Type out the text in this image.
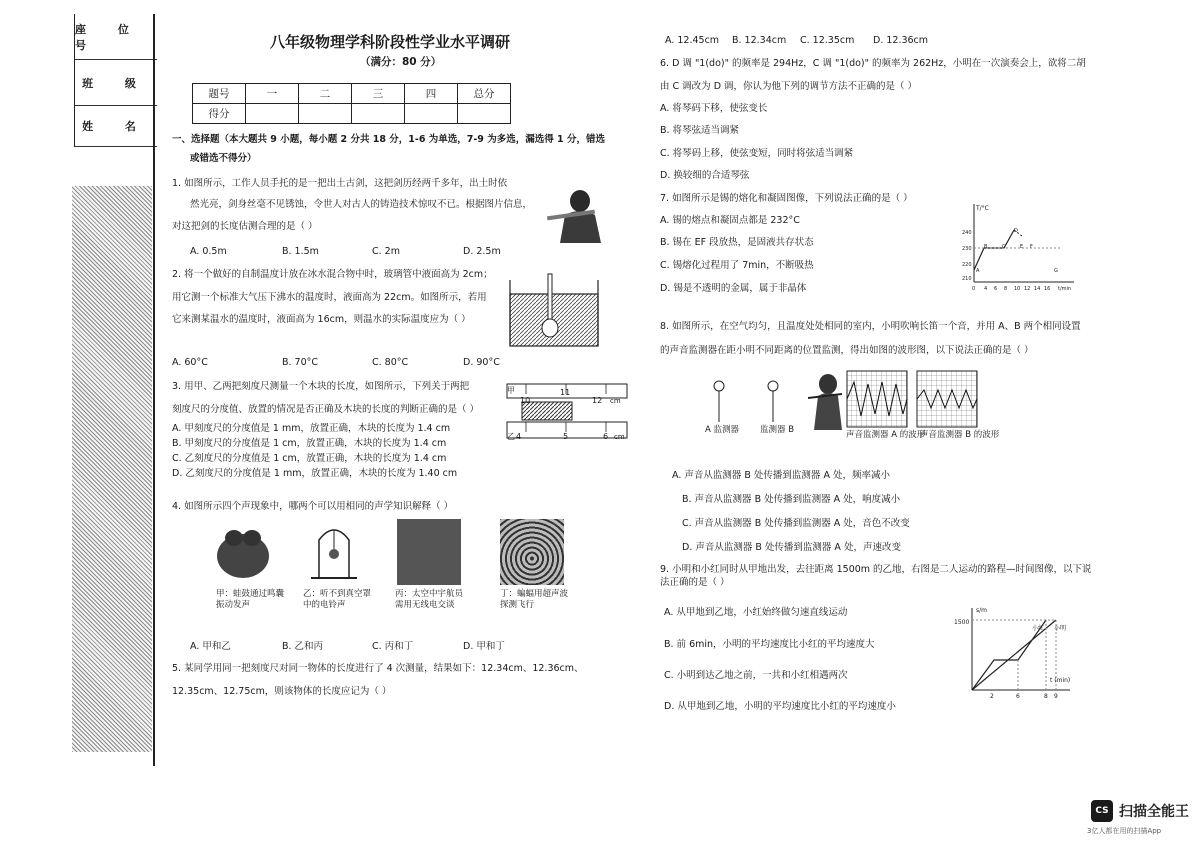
座 位 号
班 级
姓 名
八年级物理学科阶段性学业水平调研
（满分：80 分）
题号	一	二	三	四	总分
得分					
一、选择题（本大题共 9 小题，每小题 2 分共 18 分，1-6 为单选，7-9 为多选，漏选得 1 分，错选
或错选不得分）
1. 如图所示，工作人员手托的是一把出土古剑，这把剑历经两千多年，出土时依
然光亮，剑身丝毫不见锈蚀，令世人对古人的铸造技术惊叹不已。根据图片信息，
对这把剑的长度估测合理的是（ ）
A. 0.5m	B. 1.5m	C. 2m	D. 2.5m
2. 将一个做好的自制温度计放在冰水混合物中时，玻璃管中液面高为 2cm；
用它测一个标准大气压下沸水的温度时，液面高为 22cm。如图所示，若用
它来测某温水的温度时，液面高为 16cm，则温水的实际温度应为（ ）
A. 60°C	B. 70°C	C. 80°C	D. 90°C
3. 用甲、乙两把刻度尺测量一个木块的长度，如图所示，下列关于两把
刻度尺的分度值、放置的情况是否正确及木块的长度的判断正确的是（ ）
A. 甲刻度尺的分度值是 1 mm，放置正确，木块的长度为 1.4 cm
B. 甲刻度尺的分度值是 1 cm，放置正确，木块的长度为 1.4 cm
C. 乙刻度尺的分度值是 1 cm，放置正确，木块的长度为 1.4 cm
D. 乙刻度尺的分度值是 1 mm，放置正确，木块的长度为 1.40 cm
甲
10
11
12 cm
乙 4	5	6 cm
4. 如图所示四个声现象中，哪两个可以用相同的声学知识解释（ ）
甲：蛙鼓通过鸣囊振动发声
乙：听不到真空罩中的电铃声
丙：太空中宇航员需用无线电交谈
丁：蝙蝠用超声波探测飞行
A. 甲和乙	B. 乙和丙	C. 丙和丁	D. 甲和丁
5. 某同学用同一把刻度尺对同一物体的长度进行了 4 次测量，结果如下：12.34cm、12.36cm、
12.35cm、12.75cm，则该物体的长度应记为（ ）
A. 12.45cm B. 12.34cm C. 12.35cm D. 12.36cm
6. D 调 "1(do)" 的频率是 294Hz，C 调 "1(do)" 的频率为 262Hz，小明在一次演奏会上，欲将二胡
由 C 调改为 D 调，你认为他下列的调节方法不正确的是（ ）
A. 将琴码下移，使弦变长
B. 将琴弦适当调紧
C. 将琴码上移，使弦变短，同时将弦适当调紧
D. 换较细的合适琴弦
7. 如图所示是锡的熔化和凝固图像，下列说法正确的是（ ）
A. 锡的熔点和凝固点都是 232°C
B. 锡在 EF 段放热，是固液共存状态
C. 锡熔化过程用了 7min，不断吸热
D. 锡是不透明的金属，属于非晶体
T/°C
240
230
220
210
0 4 6 8 10 12 14 16 t/min
A
B	C
D
E F
G
8. 如图所示，在空气均匀，且温度处处相同的室内，小明吹响长笛一个音，并用 A、B 两个相同设置
的声音监测器在距小明不同距离的位置监测，得出如图的波形图，以下说法正确的是（ ）
A 监测器 监测器 B	声音监测器 A 的波形
声音监测器 B 的波形
A. 声音从监测器 B 处传播到监测器 A 处，频率减小
B. 声音从监测器 B 处传播到监测器 A 处，响度减小
C. 声音从监测器 B 处传播到监测器 A 处，音色不改变
D. 声音从监测器 B 处传播到监测器 A 处，声速改变
9. 小明和小红同时从甲地出发，去往距离 1500m 的乙地，右图是二人运动的路程—时间图像，以下说
法正确的是（ ）
A. 从甲地到乙地，小红始终做匀速直线运动
B. 前 6min，小明的平均速度比小红的平均速度大
C. 小明到达乙地之前，一共和小红相遇两次
D. 从甲地到乙地，小明的平均速度比小红的平均速度小
s/m
1500
2	6	8 9
t (min)
小红 小明
CS 扫描全能王
3亿人都在用的扫描App
